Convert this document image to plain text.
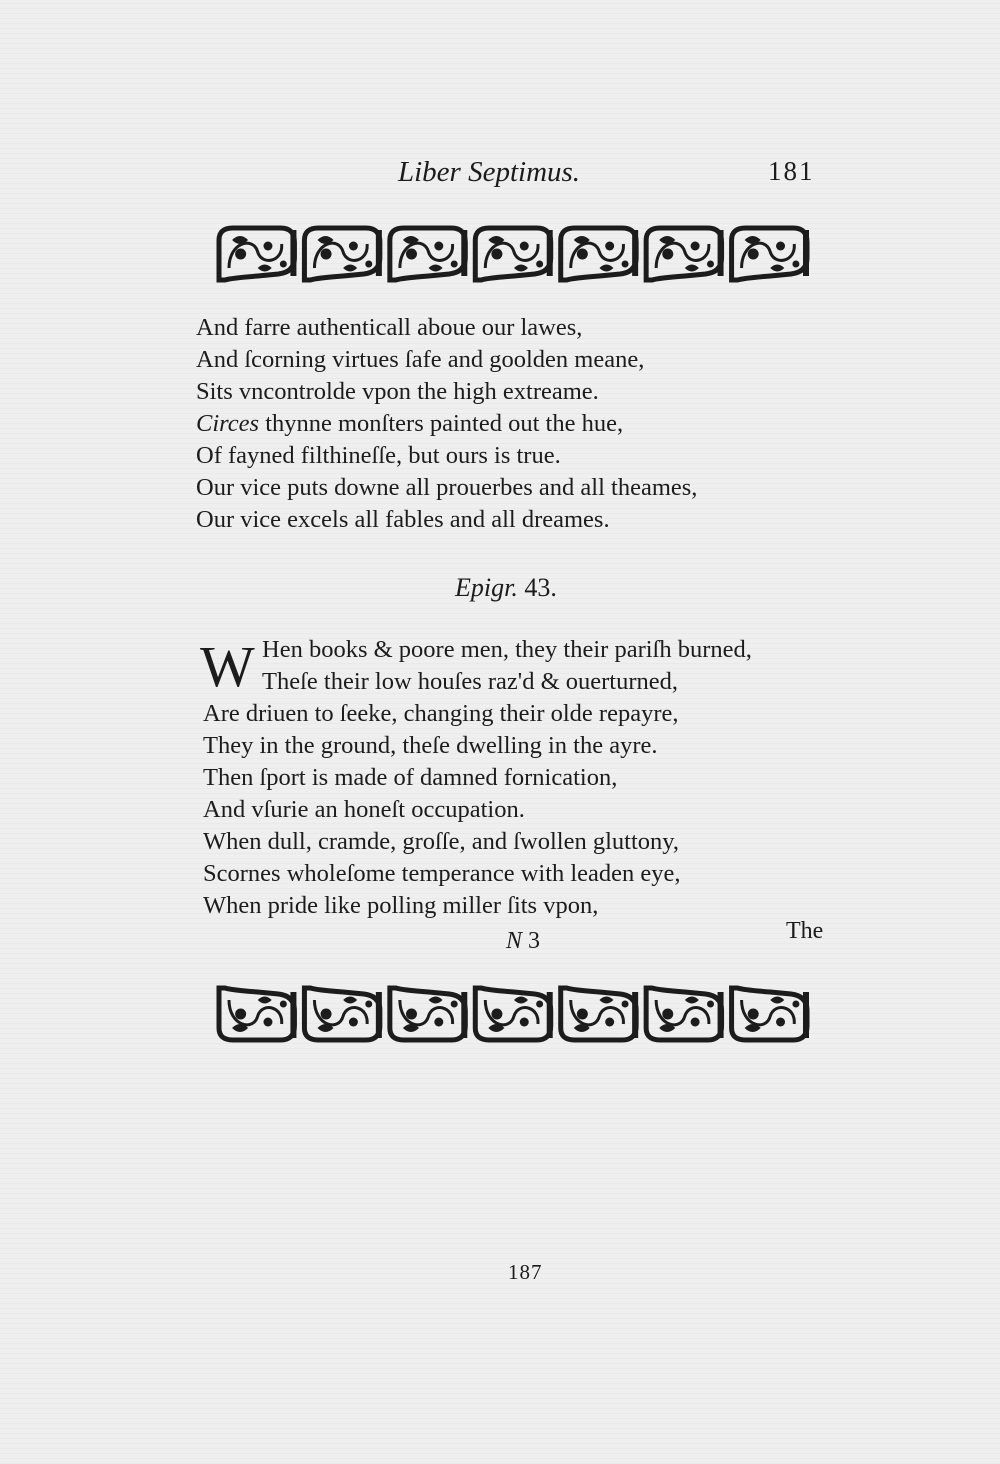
Liber Septimus.	181
And farre authenticall aboue our lawes,
And ſcorning virtues ſafe and goolden meane,
Sits vncontrolde vpon the high extreame.
Circes thynne monſters painted out the hue,
Of fayned filthineſſe, but ours is true.
Our vice puts downe all prouerbes and all theames,
Our vice excels all fables and all dreames.
Epigr. 43.
W Hen books & poore men, they their pariſh burned,
Theſe their low houſes raz'd & ouerturned,
Are driuen to ſeeke, changing their olde repayre,
They in the ground, theſe dwelling in the ayre.
Then ſport is made of damned fornication,
And vſurie an honeſt occupation.
When dull, cramde, groſſe, and ſwollen gluttony,
Scornes wholeſome temperance with leaden eye,
When pride like polling miller ſits vpon,
N 3	The
187
